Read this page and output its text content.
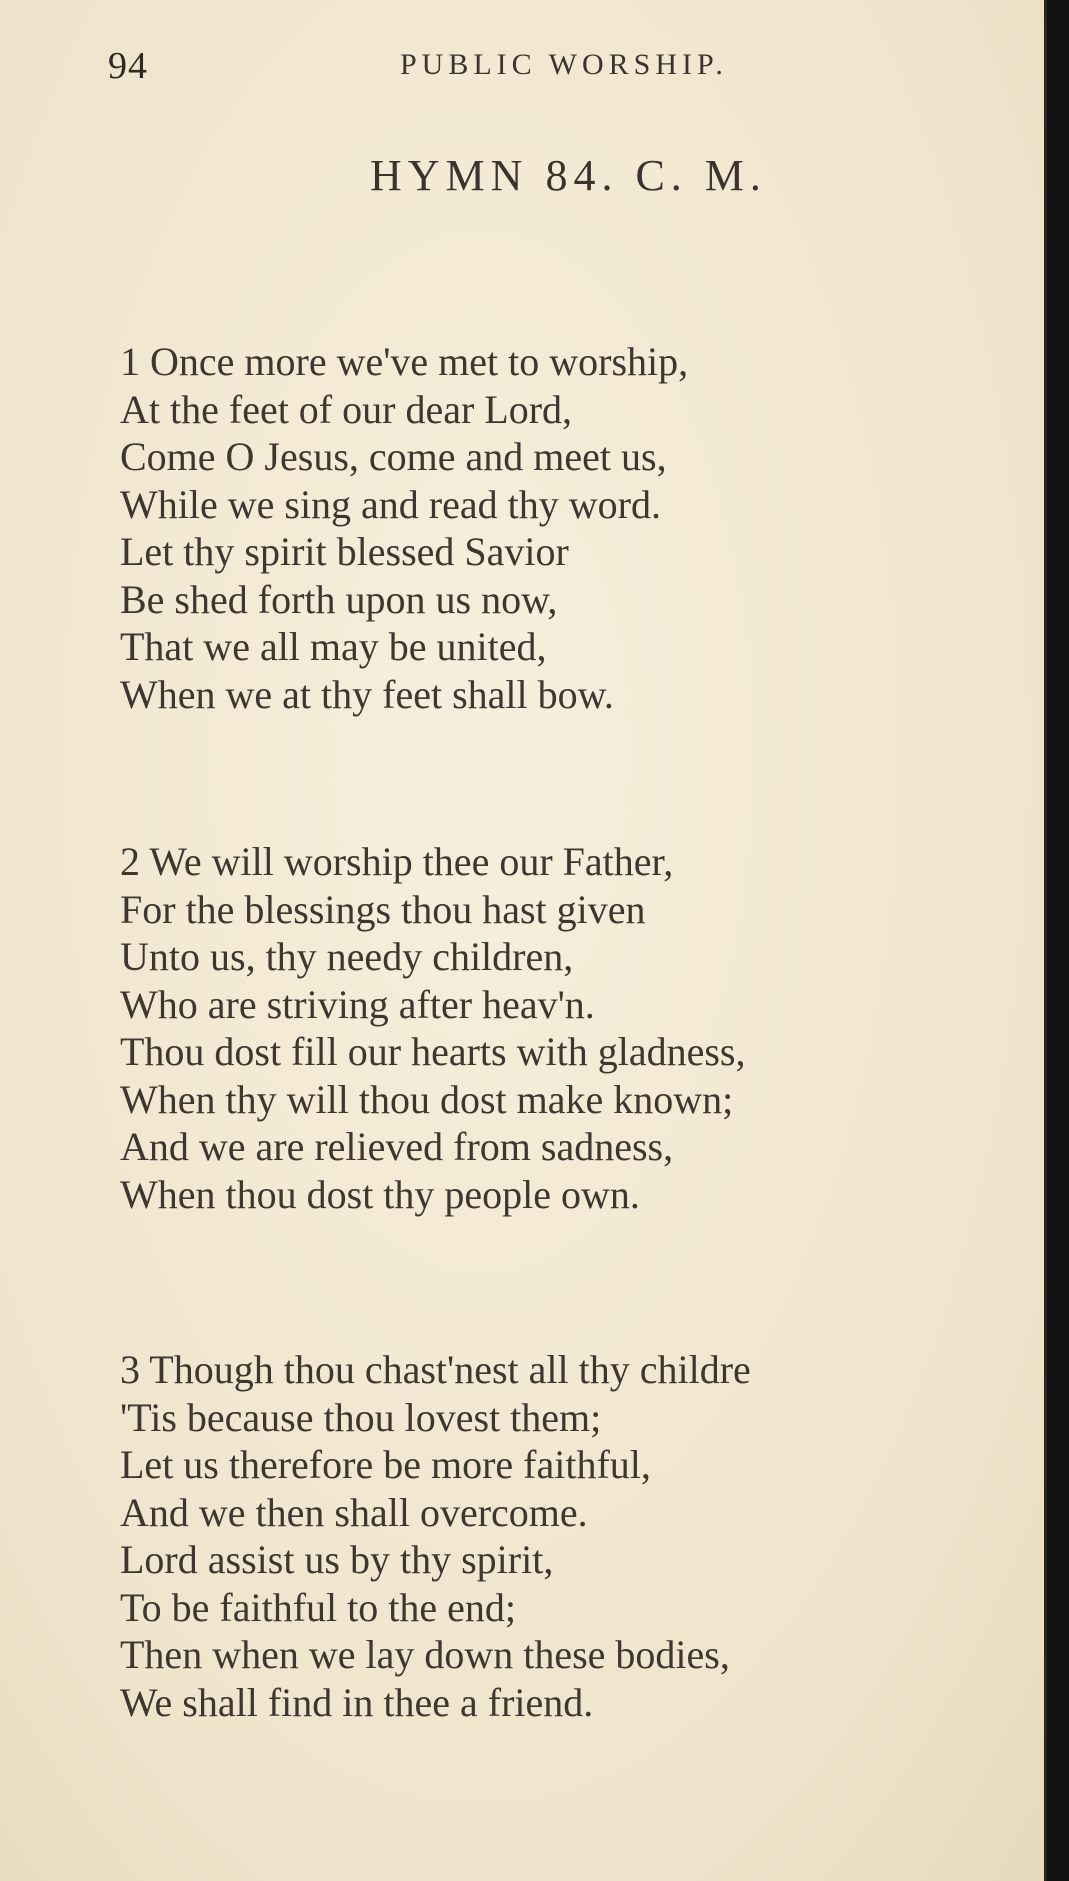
94	PUBLIC WORSHIP.
HYMN 84. C. M.
1 Once more we've met to worship,
At the feet of our dear Lord,
Come O Jesus, come and meet us,
While we sing and read thy word.
Let thy spirit blessed Savior
Be shed forth upon us now,
That we all may be united,
When we at thy feet shall bow.
2 We will worship thee our Father,
For the blessings thou hast given
Unto us, thy needy children,
Who are striving after heav'n.
Thou dost fill our hearts with gladness,
When thy will thou dost make known;
And we are relieved from sadness,
When thou dost thy people own.
3 Though thou chast'nest all thy childre
'Tis because thou lovest them;
Let us therefore be more faithful,
And we then shall overcome.
Lord assist us by thy spirit,
To be faithful to the end;
Then when we lay down these bodies,
We shall find in thee a friend.
